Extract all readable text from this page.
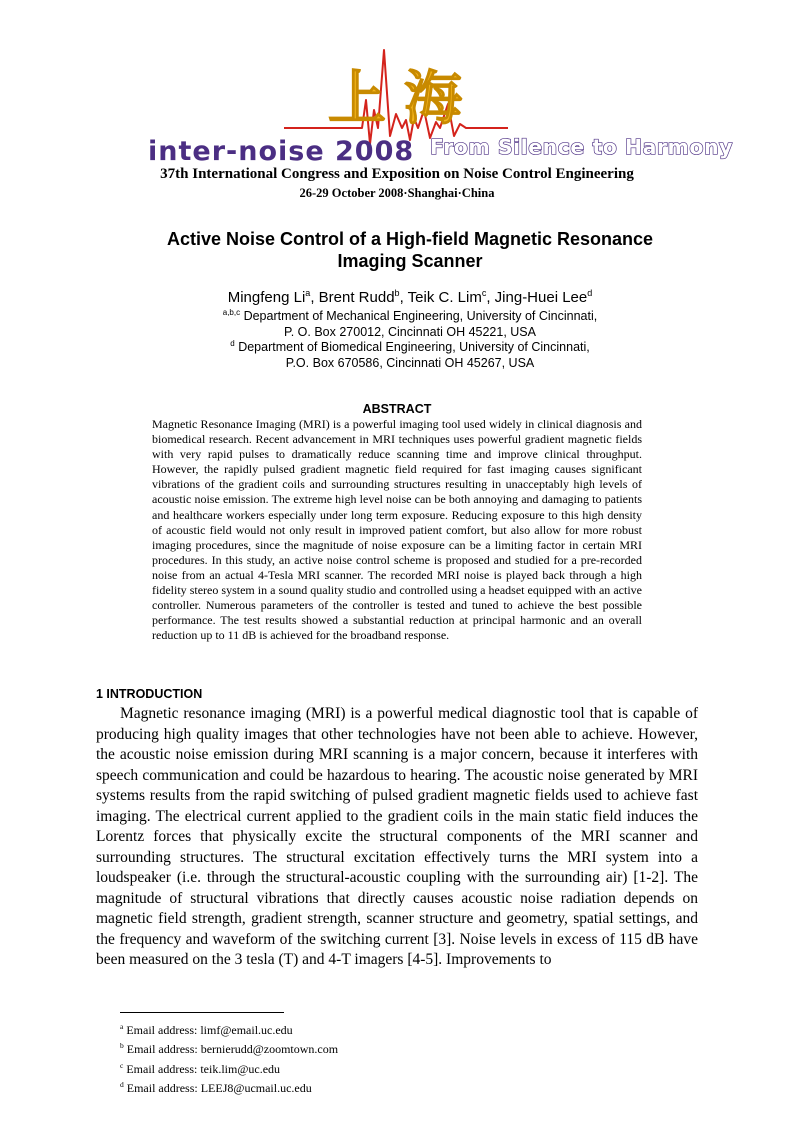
上海
inter-noise 2008 From Silence to Harmony
37th International Congress and Exposition on Noise Control Engineering
26-29 October 2008·Shanghai·China
Active Noise Control of a High-field Magnetic Resonance
Imaging Scanner
Mingfeng Li$^a$, Brent Rudd$^b$, Teik C. Lim$^c$, Jing-Huei Lee$^d$
$^{a,b,c}$ Department of Mechanical Engineering, University of Cincinnati,
P. O. Box 270012, Cincinnati OH 45221, USA
$^d$ Department of Biomedical Engineering, University of Cincinnati,
P.O. Box 670586, Cincinnati OH 45267, USA
ABSTRACT
Magnetic Resonance Imaging (MRI) is a powerful imaging tool used widely in clinical diagnosis and biomedical research. Recent advancement in MRI techniques uses powerful gradient magnetic fields with very rapid pulses to dramatically reduce scanning time and improve clinical throughput. However, the rapidly pulsed gradient magnetic field required for fast imaging causes significant vibrations of the gradient coils and surrounding structures resulting in unacceptably high levels of acoustic noise emission. The extreme high level noise can be both annoying and damaging to patients and healthcare workers especially under long term exposure. Reducing exposure to this high density of acoustic field would not only result in improved patient comfort, but also allow for more robust imaging procedures, since the magnitude of noise exposure can be a limiting factor in certain MRI procedures. In this study, an active noise control scheme is proposed and studied for a pre-recorded noise from an actual 4-Tesla MRI scanner. The recorded MRI noise is played back through a high fidelity stereo system in a sound quality studio and controlled using a headset equipped with an active controller. Numerous parameters of the controller is tested and tuned to achieve the best possible performance. The test results showed a substantial reduction at principal harmonic and an overall reduction up to 11 dB is achieved for the broadband response.
1 INTRODUCTION
Magnetic resonance imaging (MRI) is a powerful medical diagnostic tool that is capable of producing high quality images that other technologies have not been able to achieve. However, the acoustic noise emission during MRI scanning is a major concern, because it interferes with speech communication and could be hazardous to hearing. The acoustic noise generated by MRI systems results from the rapid switching of pulsed gradient magnetic fields used to achieve fast imaging. The electrical current applied to the gradient coils in the main static field induces the Lorentz forces that physically excite the structural components of the MRI scanner and surrounding structures. The structural excitation effectively turns the MRI system into a loudspeaker (i.e. through the structural-acoustic coupling with the surrounding air) [1-2]. The magnitude of structural vibrations that directly causes acoustic noise radiation depends on magnetic field strength, gradient strength, scanner structure and geometry, spatial settings, and the frequency and waveform of the switching current [3]. Noise levels in excess of 115 dB have been measured on the 3 tesla (T) and 4-T imagers [4-5]. Improvements to
$^a$ Email address: limf@email.uc.edu
$^b$ Email address: bernierudd@zoomtown.com
$^c$ Email address: teik.lim@uc.edu
$^d$ Email address: LEEJ8@ucmail.uc.edu
